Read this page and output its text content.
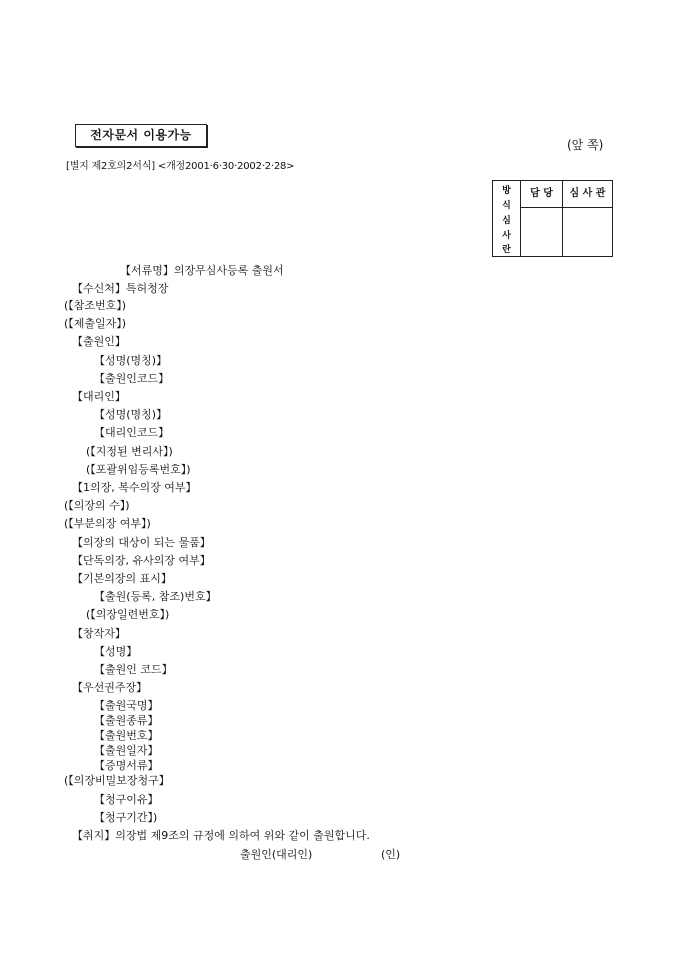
전자문서 이용가능
(앞 쪽)
[별지 제2호의2서식] <개정2001·6·30·2002·2·28>
방
식
심
사
란
담 당	심 사 관
【서류명】의장무심사등록 출원서
【수신처】특허청장
(【참조번호】)
(【제출일자】)
【출원인】
【성명(명칭)】
【출원인코드】
【대리인】
【성명(명칭)】
【대리인코드】
(【지정된 변리사】)
(【포괄위임등록번호】)
【1의장, 복수의장 여부】
(【의장의 수】)
(【부분의장 여부】)
【의장의 대상이 되는 물품】
【단독의장, 유사의장 여부】
【기본의장의 표시】
【출원(등록, 참조)번호】
(【의장일련번호】)
【창작자】
【성명】
【출원인 코드】
【우선권주장】
【출원국명】
【출원종류】
【출원번호】
【출원일자】
【증명서류】
(【의장비밀보장청구】
【청구이유】
【청구기간】)
【취지】의장법 제9조의 규정에 의하여 위와 같이 출원합니다.
출원인(대리인)	(인)
